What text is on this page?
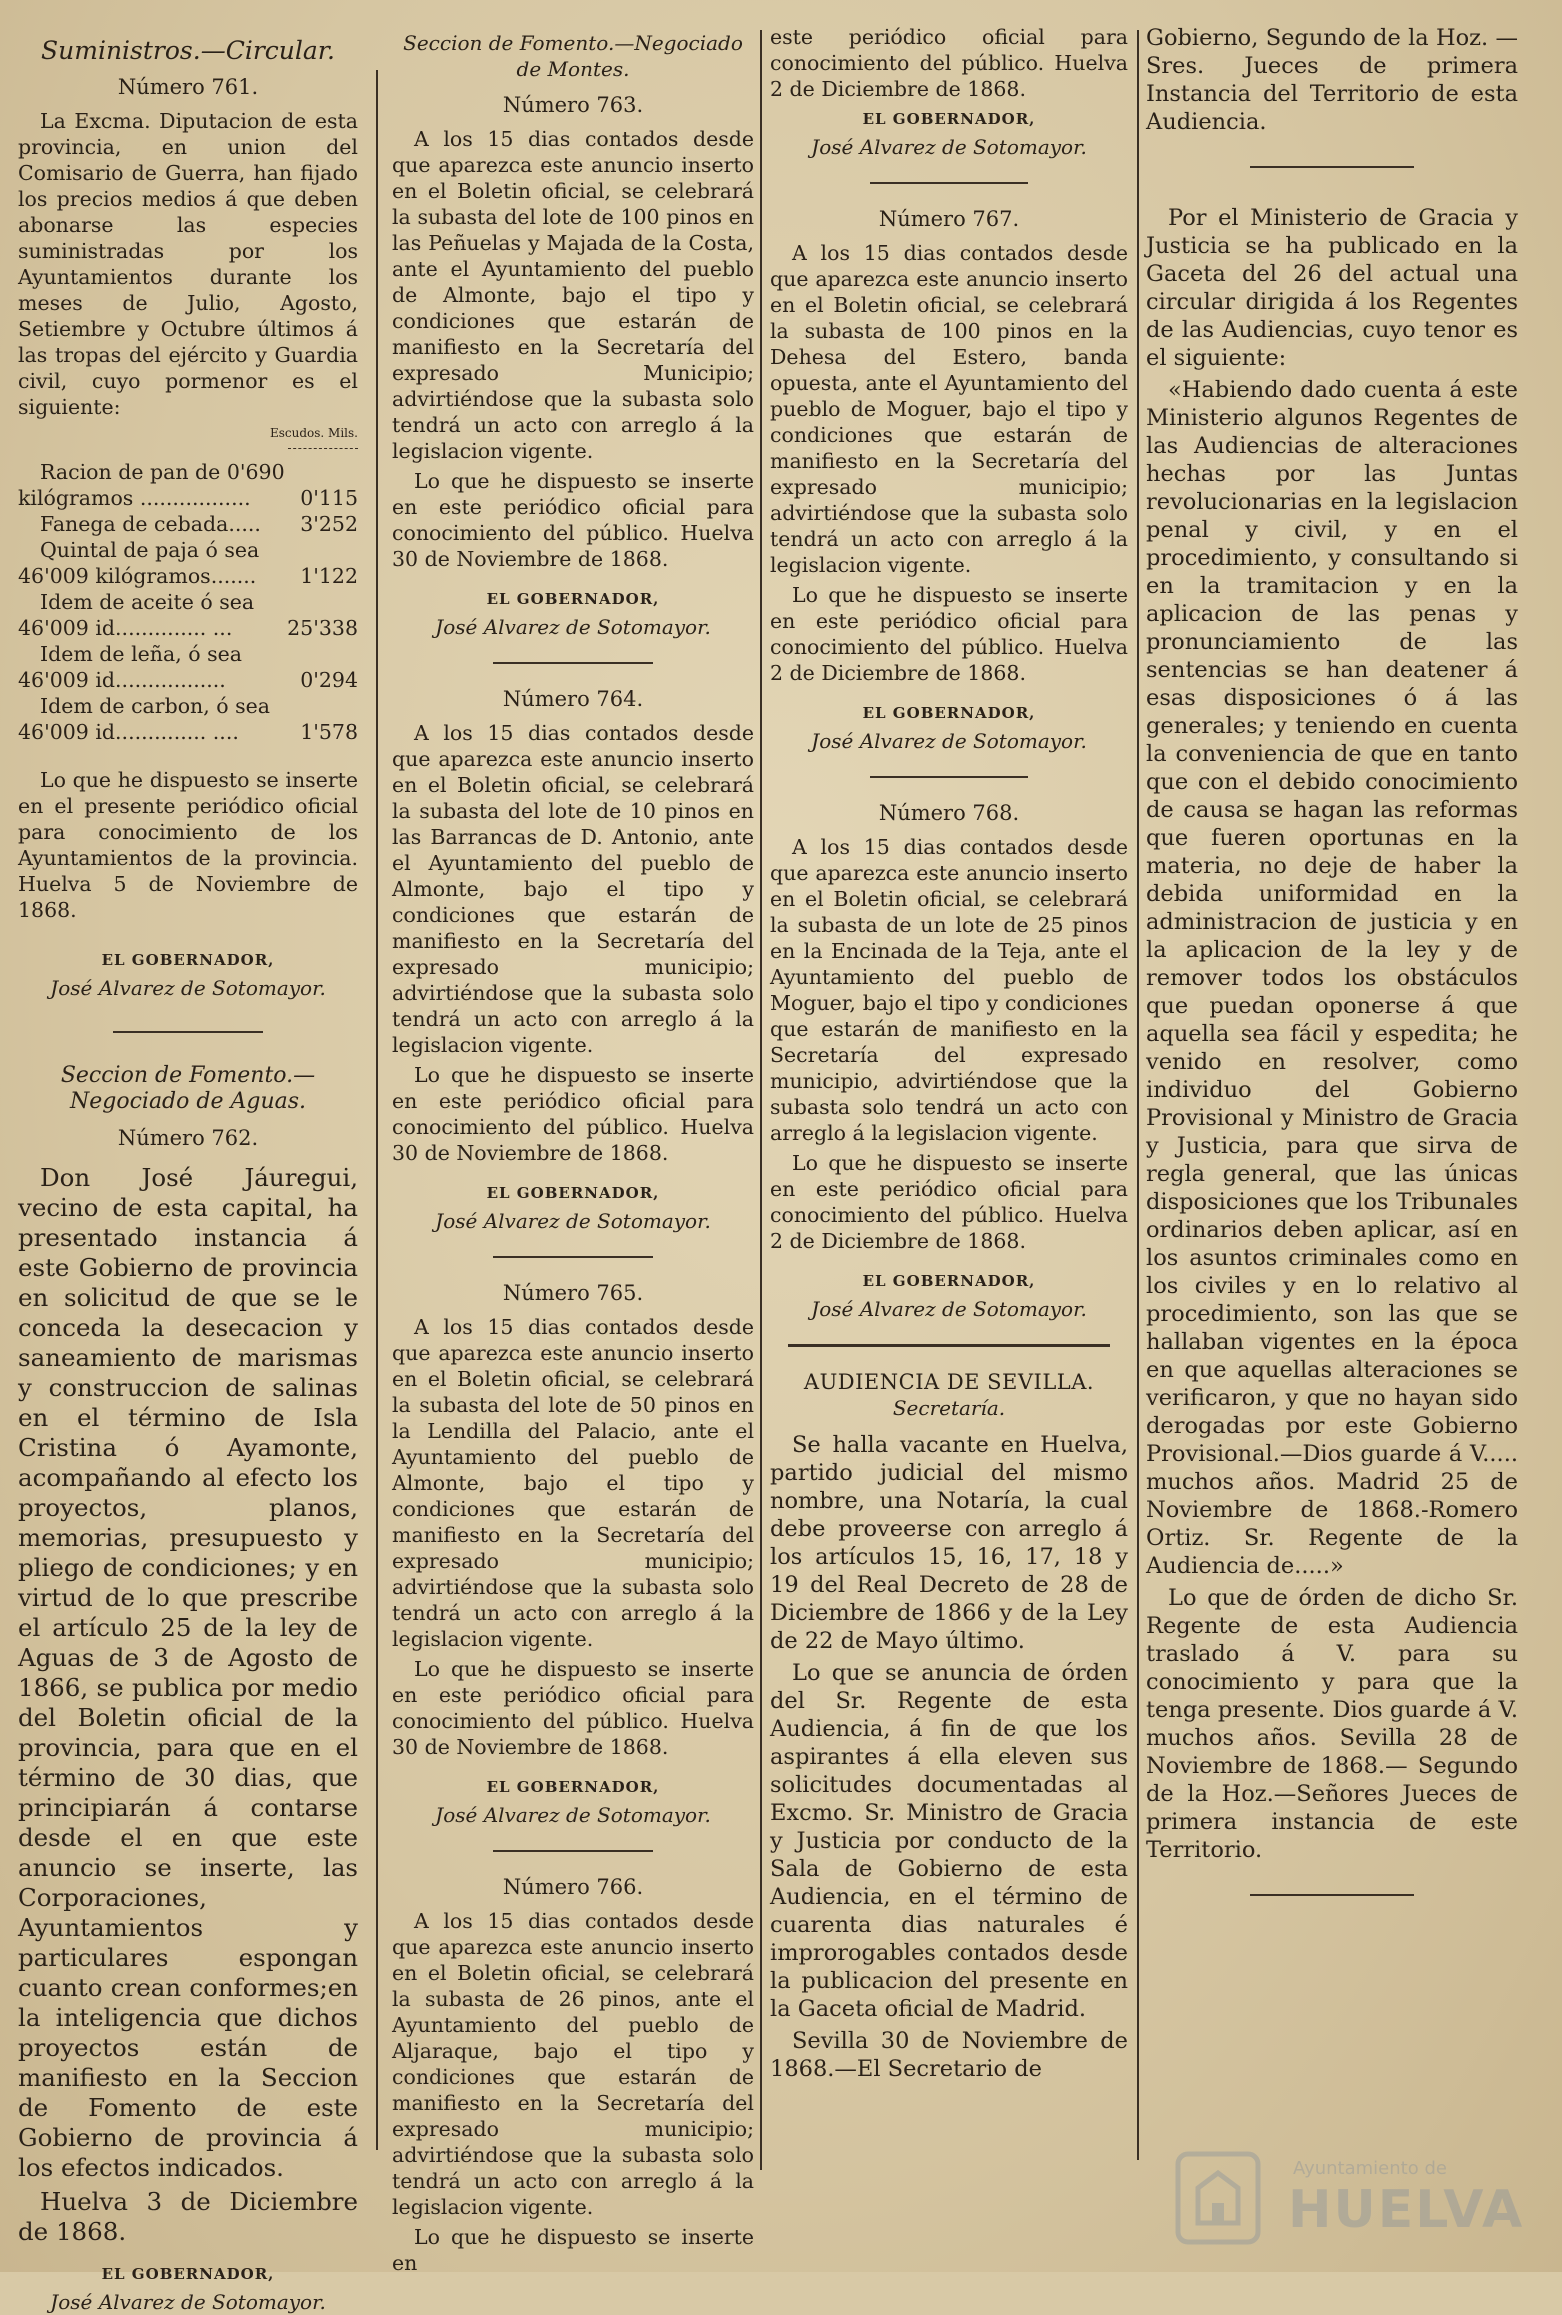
Suministros.—Circular.
Número 761.

La Excma. Diputacion de esta provincia, en union del Comisario de Guerra, han fijado los precios medios á que deben abonarse las especies suministradas por los Ayuntamientos durante los meses de Julio, Agosto, Setiembre y Octubre últimos á las tropas del ejército y Guardia civil, cuyo pormenor es el siguiente:

Escudos. Mils.
Racion de pan de 0'690
kilógramos .................	0'115
Fanega de cebada.....	3'252
Quintal de paja ó sea
46'009 kilógramos.......	1'122
Idem de aceite ó sea
46'009 id.............. ...	25'338
Idem de leña, ó sea
46'009 id.................	0'294
Idem de carbon, ó sea
46'009 id.............. ....	1'578

Lo que he dispuesto se inserte en el presente periódico oficial para conocimiento de los Ayuntamientos de la provincia. Huelva 5 de Noviembre de 1868.

EL GOBERNADOR,
José Alvarez de Sotomayor.
Seccion de Fomento.—Negociado de Aguas.
Número 762.

Don José Jáuregui, vecino de esta capital, ha presentado instancia á este Gobierno de provincia en solicitud de que se le conceda la desecacion y saneamiento de marismas y construccion de salinas en el término de Isla Cristina ó Ayamonte, acompañando al efecto los proyectos, planos, memorias, presupuesto y pliego de condiciones; y en virtud de lo que prescribe el artículo 25 de la ley de Aguas de 3 de Agosto de 1866, se publica por medio del Boletin oficial de la provincia, para que en el término de 30 dias, que principiarán á contarse desde el en que este anuncio se inserte, las Corporaciones, Ayuntamientos y particulares espongan cuanto crean conformes;en la inteligencia que dichos proyectos están de manifiesto en la Seccion de Fomento de este Gobierno de provincia á los efectos indicados.

Huelva 3 de Diciembre de 1868.

EL GOBERNADOR,
José Alvarez de Sotomayor.
Seccion de Fomento.—Negociado de Montes.
Número 763.

A los 15 dias contados desde que aparezca este anuncio inserto en el Boletin oficial, se celebrará la subasta del lote de 100 pinos en las Peñuelas y Majada de la Costa, ante el Ayuntamiento del pueblo de Almonte, bajo el tipo y condiciones que estarán de manifiesto en la Secretaría del expresado Municipio; advirtiéndose que la subasta solo tendrá un acto con arreglo á la legislacion vigente.

Lo que he dispuesto se inserte en este periódico oficial para conocimiento del público. Huelva 30 de Noviembre de 1868.

EL GOBERNADOR,
José Alvarez de Sotomayor.
Número 764.

A los 15 dias contados desde que aparezca este anuncio inserto en el Boletin oficial, se celebrará la subasta del lote de 10 pinos en las Barrancas de D. Antonio, ante el Ayuntamiento del pueblo de Almonte, bajo el tipo y condiciones que estarán de manifiesto en la Secretaría del expresado municipio; advirtiéndose que la subasta solo tendrá un acto con arreglo á la legislacion vigente.

Lo que he dispuesto se inserte en este periódico oficial para conocimiento del público. Huelva 30 de Noviembre de 1868.

EL GOBERNADOR,
José Alvarez de Sotomayor.
Número 765.

A los 15 dias contados desde que aparezca este anuncio inserto en el Boletin oficial, se celebrará la subasta del lote de 50 pinos en la Lendilla del Palacio, ante el Ayuntamiento del pueblo de Almonte, bajo el tipo y condiciones que estarán de manifiesto en la Secretaría del expresado municipio; advirtiéndose que la subasta solo tendrá un acto con arreglo á la legislacion vigente.

Lo que he dispuesto se inserte en este periódico oficial para conocimiento del público. Huelva 30 de Noviembre de 1868.

EL GOBERNADOR,
José Alvarez de Sotomayor.
Número 766.

A los 15 dias contados desde que aparezca este anuncio inserto en el Boletin oficial, se celebrará la subasta de 26 pinos, ante el Ayuntamiento del pueblo de Aljaraque, bajo el tipo y condiciones que estarán de manifiesto en la Secretaría del expresado municipio; advirtiéndose que la subasta solo tendrá un acto con arreglo á la legislacion vigente.

Lo que he dispuesto se inserte en

este periódico oficial para conocimiento del público. Huelva 2 de Diciembre de 1868.

EL GOBERNADOR,
José Alvarez de Sotomayor.
Número 767.

A los 15 dias contados desde que aparezca este anuncio inserto en el Boletin oficial, se celebrará la subasta de 100 pinos en la Dehesa del Estero, banda opuesta, ante el Ayuntamiento del pueblo de Moguer, bajo el tipo y condiciones que estarán de manifiesto en la Secretaría del expresado municipio; advirtiéndose que la subasta solo tendrá un acto con arreglo á la legislacion vigente.

Lo que he dispuesto se inserte en este periódico oficial para conocimiento del público. Huelva 2 de Diciembre de 1868.

EL GOBERNADOR,
José Alvarez de Sotomayor.
Número 768.

A los 15 dias contados desde que aparezca este anuncio inserto en el Boletin oficial, se celebrará la subasta de un lote de 25 pinos en la Encinada de la Teja, ante el Ayuntamiento del pueblo de Moguer, bajo el tipo y condiciones que estarán de manifiesto en la Secretaría del expresado municipio, advirtiéndose que la subasta solo tendrá un acto con arreglo á la legislacion vigente.

Lo que he dispuesto se inserte en este periódico oficial para conocimiento del público. Huelva 2 de Diciembre de 1868.

EL GOBERNADOR,
José Alvarez de Sotomayor.
AUDIENCIA DE SEVILLA.
Secretaría.

Se halla vacante en Huelva, partido judicial del mismo nombre, una Notaría, la cual debe proveerse con arreglo á los artículos 15, 16, 17, 18 y 19 del Real Decreto de 28 de Diciembre de 1866 y de la Ley de 22 de Mayo último.

Lo que se anuncia de órden del Sr. Regente de esta Audiencia, á fin de que los aspirantes á ella eleven sus solicitudes documentadas al Excmo. Sr. Ministro de Gracia y Justicia por conducto de la Sala de Gobierno de esta Audiencia, en el término de cuarenta dias naturales é improrogables contados desde la publicacion del presente en la Gaceta oficial de Madrid.

Sevilla 30 de Noviembre de 1868.—El Secretario de

Gobierno, Segundo de la Hoz. —Sres. Jueces de primera Instancia del Territorio de esta Audiencia.

Por el Ministerio de Gracia y Justicia se ha publicado en la Gaceta del 26 del actual una circular dirigida á los Regentes de las Audiencias, cuyo tenor es el siguiente:

«Habiendo dado cuenta á este Ministerio algunos Regentes de las Audiencias de alteraciones hechas por las Juntas revolucionarias en la legislacion penal y civil, y en el procedimiento, y consultando si en la tramitacion y en la aplicacion de las penas y pronunciamiento de las sentencias se han deatener á esas disposiciones ó á las generales; y teniendo en cuenta la conveniencia de que en tanto que con el debido conocimiento de causa se hagan las reformas que fueren oportunas en la materia, no deje de haber la debida uniformidad en la administracion de justicia y en la aplicacion de la ley y de remover todos los obstáculos que puedan oponerse á que aquella sea fácil y espedita; he venido en resolver, como individuo del Gobierno Provisional y Ministro de Gracia y Justicia, para que sirva de regla general, que las únicas disposiciones que los Tribunales ordinarios deben aplicar, así en los asuntos criminales como en los civiles y en lo relativo al procedimiento, son las que se hallaban vigentes en la época en que aquellas alteraciones se verificaron, y que no hayan sido derogadas por este Gobierno Provisional.—Dios guarde á V..... muchos años. Madrid 25 de Noviembre de 1868.-Romero Ortiz. Sr. Regente de la Audiencia de.....»

Lo que de órden de dicho Sr. Regente de esta Audiencia traslado á V. para su conocimiento y para que la tenga presente. Dios guarde á V. muchos años. Sevilla 28 de Noviembre de 1868.— Segundo de la Hoz.—Señores Jueces de primera instancia de este Territorio.

Ayuntamiento de
HUELVA
